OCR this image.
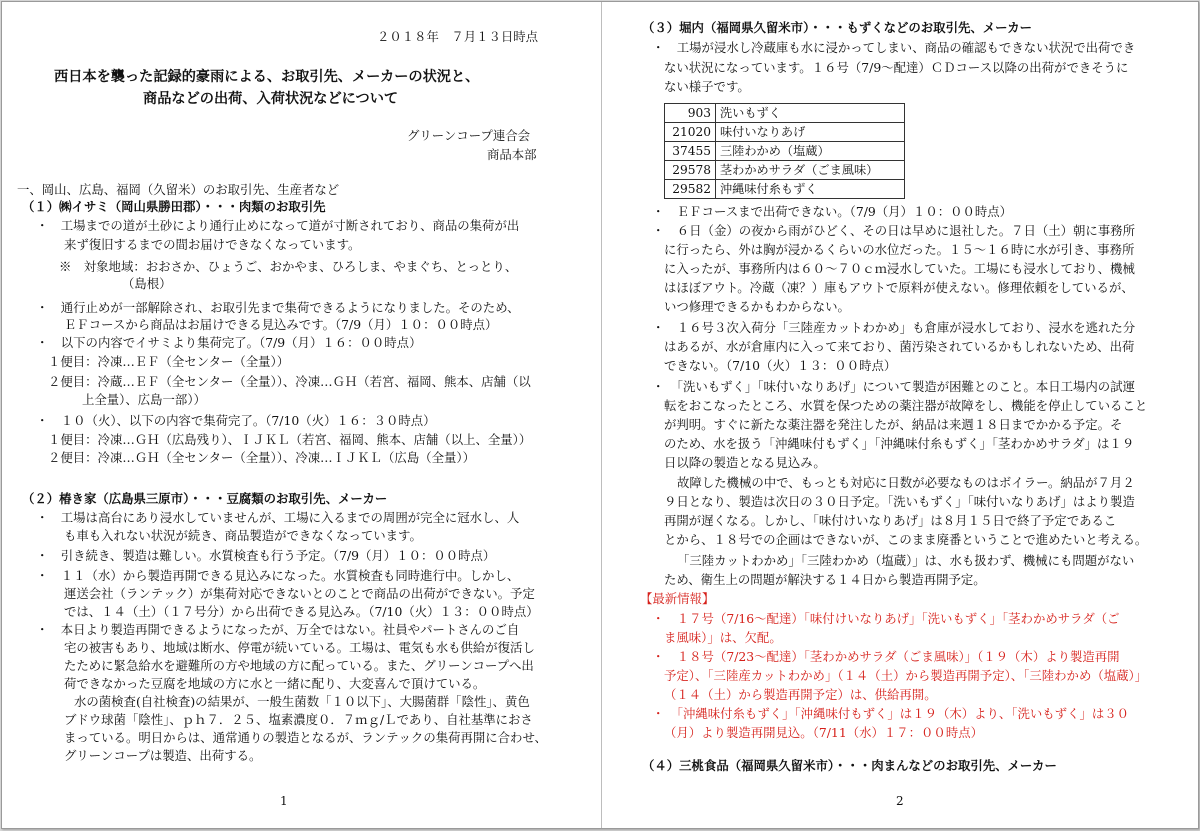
２０１８年　７月１３日時点
西日本を襲った記録的豪雨による、お取引先、メーカーの状況と、
商品などの出荷、入荷状況などについて
グリーンコープ連合会
商品本部
一、岡山、広島、福岡（久留米）のお取引先、生産者など
（１）㈱イサミ（岡山県勝田郡）・・・肉類のお取引先
・　工場までの道が土砂により通行止めになって道が寸断されており、商品の集荷が出
来ず復旧するまでの間お届けできなくなっています。
※　対象地域：おおさか、ひょうご、おかやま、ひろしま、やまぐち、とっとり、
（島根）
・　通行止めが一部解除され、お取引先まで集荷できるようになりました。そのため、
ＥＦコースから商品はお届けできる見込みです。（7/9（月）１０：００時点）
・　以下の内容でイサミより集荷完了。（7/9（月）１６：００時点）
１便目：冷凍…ＥＦ（全センター（全量））
２便目：冷蔵…ＥＦ（全センター（全量））、冷凍…ＧＨ（若宮、福岡、熊本、店舗（以
上全量）、広島一部））
・　１０（火）、以下の内容で集荷完了。（7/10（火）１６：３０時点）
１便目：冷凍…ＧＨ（広島残り）、ＩＪＫＬ（若宮、福岡、熊本、店舗（以上、全量））
２便目：冷凍…ＧＨ（全センター（全量））、冷凍…ＩＪＫＬ（広島（全量））
（２）椿き家（広島県三原市）・・・豆腐類のお取引先、メーカー
・　工場は高台にあり浸水していませんが、工場に入るまでの周囲が完全に冠水し、人
も車も入れない状況が続き、商品製造ができなくなっています。
・　引き続き、製造は難しい。水質検査も行う予定。（7/9（月）１０：００時点）
・　１１（水）から製造再開できる見込みになった。水質検査も同時進行中。しかし、
運送会社（ランテック）が集荷対応できないとのことで商品の出荷ができない。予定
では、１４（土）（１７号分）から出荷できる見込み。（7/10（火）１３：００時点）
・　本日より製造再開できるようになったが、万全ではない。社員やパートさんのご自
宅の被害もあり、地域は断水、停電が続いている。工場は、電気も水も供給が復活し
たために緊急給水を避難所の方や地域の方に配っている。また、グリーンコープへ出
荷できなかった豆腐を地域の方に水と一緒に配り、大変喜んで頂けている。
水の菌検査(自社検査)の結果が、一般生菌数「１０以下」、大腸菌群「陰性」、黄色
ブドウ球菌「陰性」、ｐｈ７．２５、塩素濃度０．７ｍｇ/Ｌであり、自社基準におさ
まっている。明日からは、通常通りの製造となるが、ランテックの集荷再開に合わせ、
グリーンコープは製造、出荷する。
1
（３）堀内（福岡県久留米市）・・・もずくなどのお取引先、メーカー
・　工場が浸水し冷蔵庫も水に浸かってしまい、商品の確認もできない状況で出荷でき
ない状況になっています。１６号（7/9～配達）ＣＤコース以降の出荷ができそうに
ない様子です。
903	洗いもずく
21020	味付いなりあげ
37455	三陸わかめ（塩蔵）
29578	茎わかめサラダ（ごま風味）
29582	沖縄味付糸もずく
・　ＥＦコースまで出荷できない。（7/9（月）１０：００時点）
・　６日（金）の夜から雨がひどく、その日は早めに退社した。７日（土）朝に事務所
に行ったら、外は胸が浸かるくらいの水位だった。１５～１６時に水が引き、事務所
に入ったが、事務所内は６０～７０ｃｍ浸水していた。工場にも浸水しており、機械
はほぼアウト。冷蔵（凍？）庫もアウトで原料が使えない。修理依頼をしているが、
いつ修理できるかもわからない。
・　１６号３次入荷分「三陸産カットわかめ」も倉庫が浸水しており、浸水を逃れた分
はあるが、水が倉庫内に入って来ており、菌汚染されているかもしれないため、出荷
できない。（7/10（火）１３：００時点）
・　「洗いもずく」「味付いなりあげ」について製造が困難とのこと。本日工場内の試運
転をおこなったところ、水質を保つための薬注器が故障をし、機能を停止していること
が判明。すぐに新たな薬注器を発注したが、納品は来週１８日までかかる予定。そ
のため、水を扱う「沖縄味付もずく」「沖縄味付糸もずく」「茎わかめサラダ」は１９
日以降の製造となる見込み。
故障した機械の中で、もっとも対応に日数が必要なものはボイラー。納品が７月２
９日となり、製造は次日の３０日予定。「洗いもずく」「味付いなりあげ」はより製造
再開が遅くなる。しかし、「味付けいなりあげ」は８月１５日で終了予定であるこ
とから、１８号での企画はできないが、このまま廃番ということで進めたいと考える。
「三陸カットわかめ」「三陸わかめ（塩蔵）」は、水も扱わず、機械にも問題がない
ため、衛生上の問題が解決する１４日から製造再開予定。
【最新情報】
・　１７号（7/16～配達）「味付けいなりあげ」「洗いもずく」「茎わかめサラダ（ご
ま風味）」は、欠配。
・　１８号（7/23～配達）「茎わかめサラダ（ごま風味）」（１９（木）より製造再開
予定）、「三陸産カットわかめ」（１４（土）から製造再開予定）、「三陸わかめ（塩蔵）」
（１４（土）から製造再開予定）は、供給再開。
・　「沖縄味付糸もずく」「沖縄味付もずく」は１９（木）より、「洗いもずく」は３０
（月）より製造再開見込。（7/11（水）１７：００時点）
（４）三桃食品（福岡県久留米市）・・・肉まんなどのお取引先、メーカー
2
